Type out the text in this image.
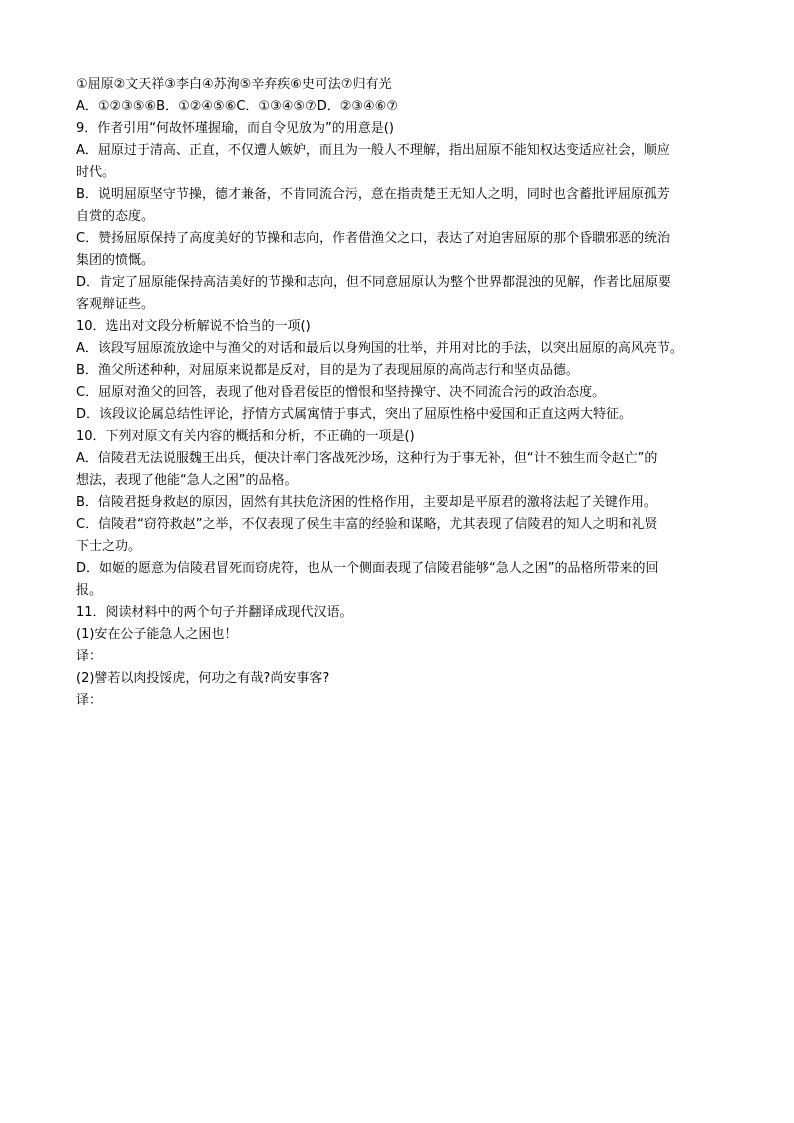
①屈原②文天祥③李白④苏洵⑤辛弃疾⑥史可法⑦归有光
A．①②③⑤⑥B．①②④⑤⑥C．①③④⑤⑦D．②③④⑥⑦
9．作者引用“何故怀瑾握瑜，而自令见放为”的用意是()
A．屈原过于清高、正直，不仅遭人嫉妒，而且为一般人不理解，指出屈原不能知权达变适应社会，顺应
时代。
B．说明屈原坚守节操，德才兼备，不肯同流合污，意在指责楚王无知人之明，同时也含蓄批评屈原孤芳
自赏的态度。
C．赞扬屈原保持了高度美好的节操和志向，作者借渔父之口，表达了对迫害屈原的那个昏聩邪恶的统治
集团的愤慨。
D．肯定了屈原能保持高洁美好的节操和志向，但不同意屈原认为整个世界都混浊的见解，作者比屈原要
客观辩证些。
10．选出对文段分析解说不恰当的一项()
A．该段写屈原流放途中与渔父的对话和最后以身殉国的壮举，并用对比的手法，以突出屈原的高风亮节。
B．渔父所述种种，对屈原来说都是反对，目的是为了表现屈原的高尚志行和坚贞品德。
C．屈原对渔父的回答，表现了他对昏君佞臣的憎恨和坚持操守、决不同流合污的政治态度。
D．该段议论属总结性评论，抒情方式属寓情于事式，突出了屈原性格中爱国和正直这两大特征。
10．下列对原文有关内容的概括和分析，不正确的一项是()
A．信陵君无法说服魏王出兵，便决计率门客战死沙场，这种行为于事无补，但“计不独生而令赵亡”的
想法，表现了他能“急人之困”的品格。
B．信陵君挺身救赵的原因，固然有其扶危济困的性格作用，主要却是平原君的激将法起了关键作用。
C．信陵君“窃符救赵”之举，不仅表现了侯生丰富的经验和谋略，尤其表现了信陵君的知人之明和礼贤
下士之功。
D．如姬的愿意为信陵君冒死而窃虎符，也从一个侧面表现了信陵君能够“急人之困”的品格所带来的回
报。
11．阅读材料中的两个句子并翻译成现代汉语。
(1)安在公子能急人之困也！
译：
(2)譬若以肉投馁虎，何功之有哉?尚安事客?
译：
